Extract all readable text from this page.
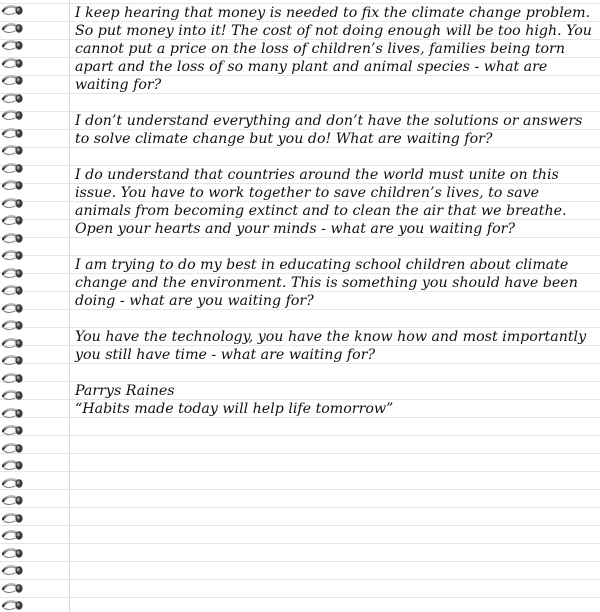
I keep hearing that money is needed to fix the climate change problem. So put money into it! The cost of not doing enough will be too high. You cannot put a price on the loss of children’s lives, families being torn apart and the loss of so many plant and animal species - what are waiting for?

I don’t understand everything and don’t have the solutions or answers to solve climate change but you do! What are waiting for?

I do understand that countries around the world must unite on this issue. You have to work together to save children’s lives, to save animals from becoming extinct and to clean the air that we breathe. Open your hearts and your minds - what are you waiting for?

I am trying to do my best in educating school children about climate change and the environment. This is something you should have been doing - what are you waiting for?

You have the technology, you have the know how and most importantly you still have time - what are waiting for?

Parrys Raines
“Habits made today will help life tomorrow”
